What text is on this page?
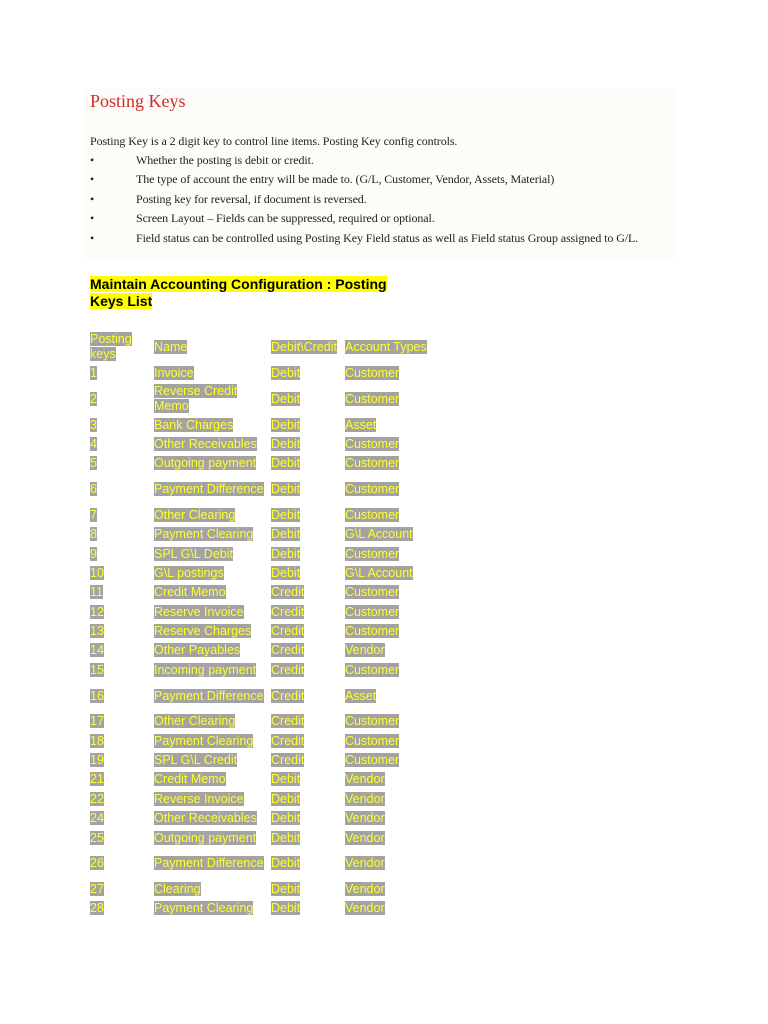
Posting Keys
Posting Key is a 2 digit key to control line items. Posting Key config controls.
•	Whether the posting is debit or credit.
•	The type of account the entry will be made to. (G/L, Customer, Vendor, Assets, Material)
•	Posting key for reversal, if document is reversed.
•	Screen Layout – Fields can be suppressed, required or optional.
•	Field status can be controlled using Posting Key Field status as well as Field status Group assigned to G/L.
Maintain Accounting Configuration : Posting Keys List
Posting keys	Name	Debit\Credit	Account Types
1	Invoice	Debit	Customer
2	Reverse Credit Memo	Debit	Customer
3	Bank Charges	Debit	Asset
4	Other Receivables	Debit	Customer
5	Outgoing payment	Debit	Customer
6	Payment Difference	Debit	Customer
7	Other Clearing	Debit	Customer
8	Payment Clearing	Debit	G\L Account
9	SPL G\L Debit	Debit	Customer
10	G\L postings	Debit	G\L Account
11	Credit Memo	Credit	Customer
12	Reserve Invoice	Credit	Customer
13	Reserve Charges	Credit	Customer
14	Other Payables	Credit	Vendor
15	Incoming payment	Credit	Customer
16	Payment Difference	Credit	Asset
17	Other Clearing	Credit	Customer
18	Payment Clearing	Credit	Customer
19	SPL G\L Credit	Credit	Customer
21	Credit Memo	Debit	Vendor
22	Reverse Invoice	Debit	Vendor
24	Other Receivables	Debit	Vendor
25	Outgoing payment	Debit	Vendor
26	Payment Difference	Debit	Vendor
27	Clearing	Debit	Vendor
28	Payment Clearing	Debit	Vendor
